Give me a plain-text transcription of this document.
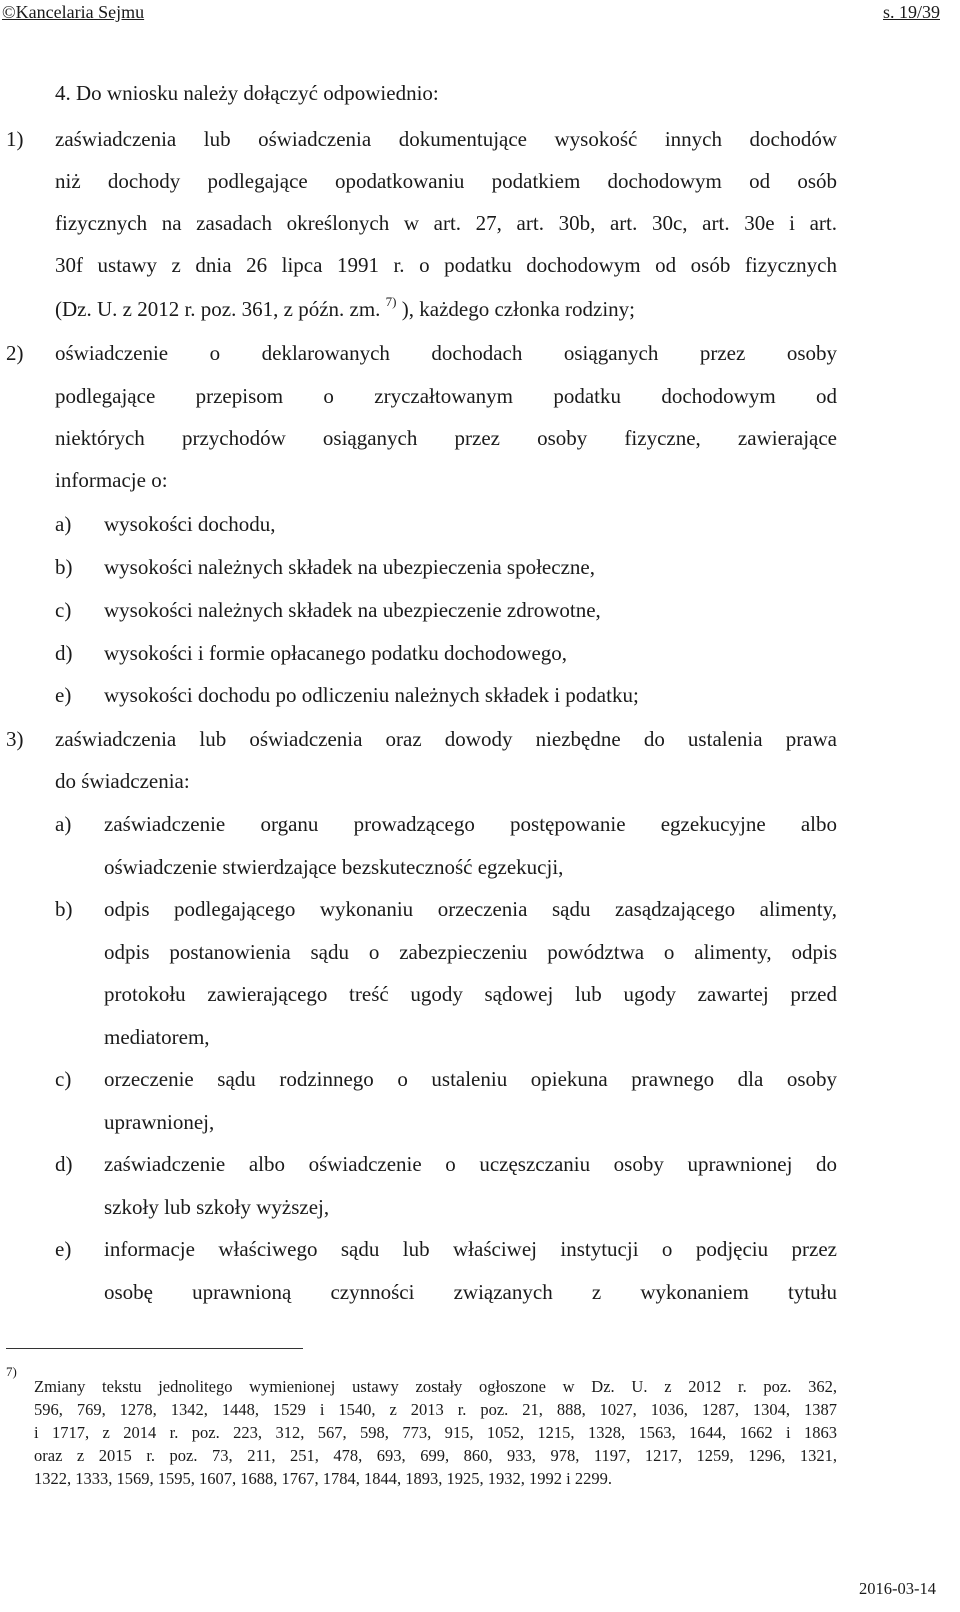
©Kancelaria Sejmu	s. 19/39
4. Do wniosku należy dołączyć odpowiednio:
1) zaświadczenia lub oświadczenia dokumentujące wysokość innych dochodów
niż dochody podlegające opodatkowaniu podatkiem dochodowym od osób
fizycznych na zasadach określonych w art. 27, art. 30b, art. 30c, art. 30e i art.
30f ustawy z dnia 26 lipca 1991 r. o podatku dochodowym od osób fizycznych
(Dz. U. z 2012 r. poz. 361, z późn. zm. $^{7)}$ ), każdego członka rodziny;
2) oświadczenie o deklarowanych dochodach osiąganych przez osoby
podlegające przepisom o zryczałtowanym podatku dochodowym od
niektórych przychodów osiąganych przez osoby fizyczne, zawierające
informacje o:
a) wysokości dochodu,
b) wysokości należnych składek na ubezpieczenia społeczne,
c) wysokości należnych składek na ubezpieczenie zdrowotne,
d) wysokości i formie opłacanego podatku dochodowego,
e) wysokości dochodu po odliczeniu należnych składek i podatku;
3) zaświadczenia lub oświadczenia oraz dowody niezbędne do ustalenia prawa
do świadczenia:
a) zaświadczenie organu prowadzącego postępowanie egzekucyjne albo
oświadczenie stwierdzające bezskuteczność egzekucji,
b) odpis podlegającego wykonaniu orzeczenia sądu zasądzającego alimenty,
odpis postanowienia sądu o zabezpieczeniu powództwa o alimenty, odpis
protokołu zawierającego treść ugody sądowej lub ugody zawartej przed
mediatorem,
c) orzeczenie sądu rodzinnego o ustaleniu opiekuna prawnego dla osoby
uprawnionej,
d) zaświadczenie albo oświadczenie o uczęszczaniu osoby uprawnionej do
szkoły lub szkoły wyższej,
e) informacje właściwego sądu lub właściwej instytucji o podjęciu przez
osobę uprawnioną czynności związanych z wykonaniem tytułu
7)
Zmiany tekstu jednolitego wymienionej ustawy zostały ogłoszone w Dz. U. z 2012 r. poz. 362,
596, 769, 1278, 1342, 1448, 1529 i 1540, z 2013 r. poz. 21, 888, 1027, 1036, 1287, 1304, 1387
i 1717, z 2014 r. poz. 223, 312, 567, 598, 773, 915, 1052, 1215, 1328, 1563, 1644, 1662 i 1863
oraz z 2015 r. poz. 73, 211, 251, 478, 693, 699, 860, 933, 978, 1197, 1217, 1259, 1296, 1321,
1322, 1333, 1569, 1595, 1607, 1688, 1767, 1784, 1844, 1893, 1925, 1932, 1992 i 2299.
2016-03-14
